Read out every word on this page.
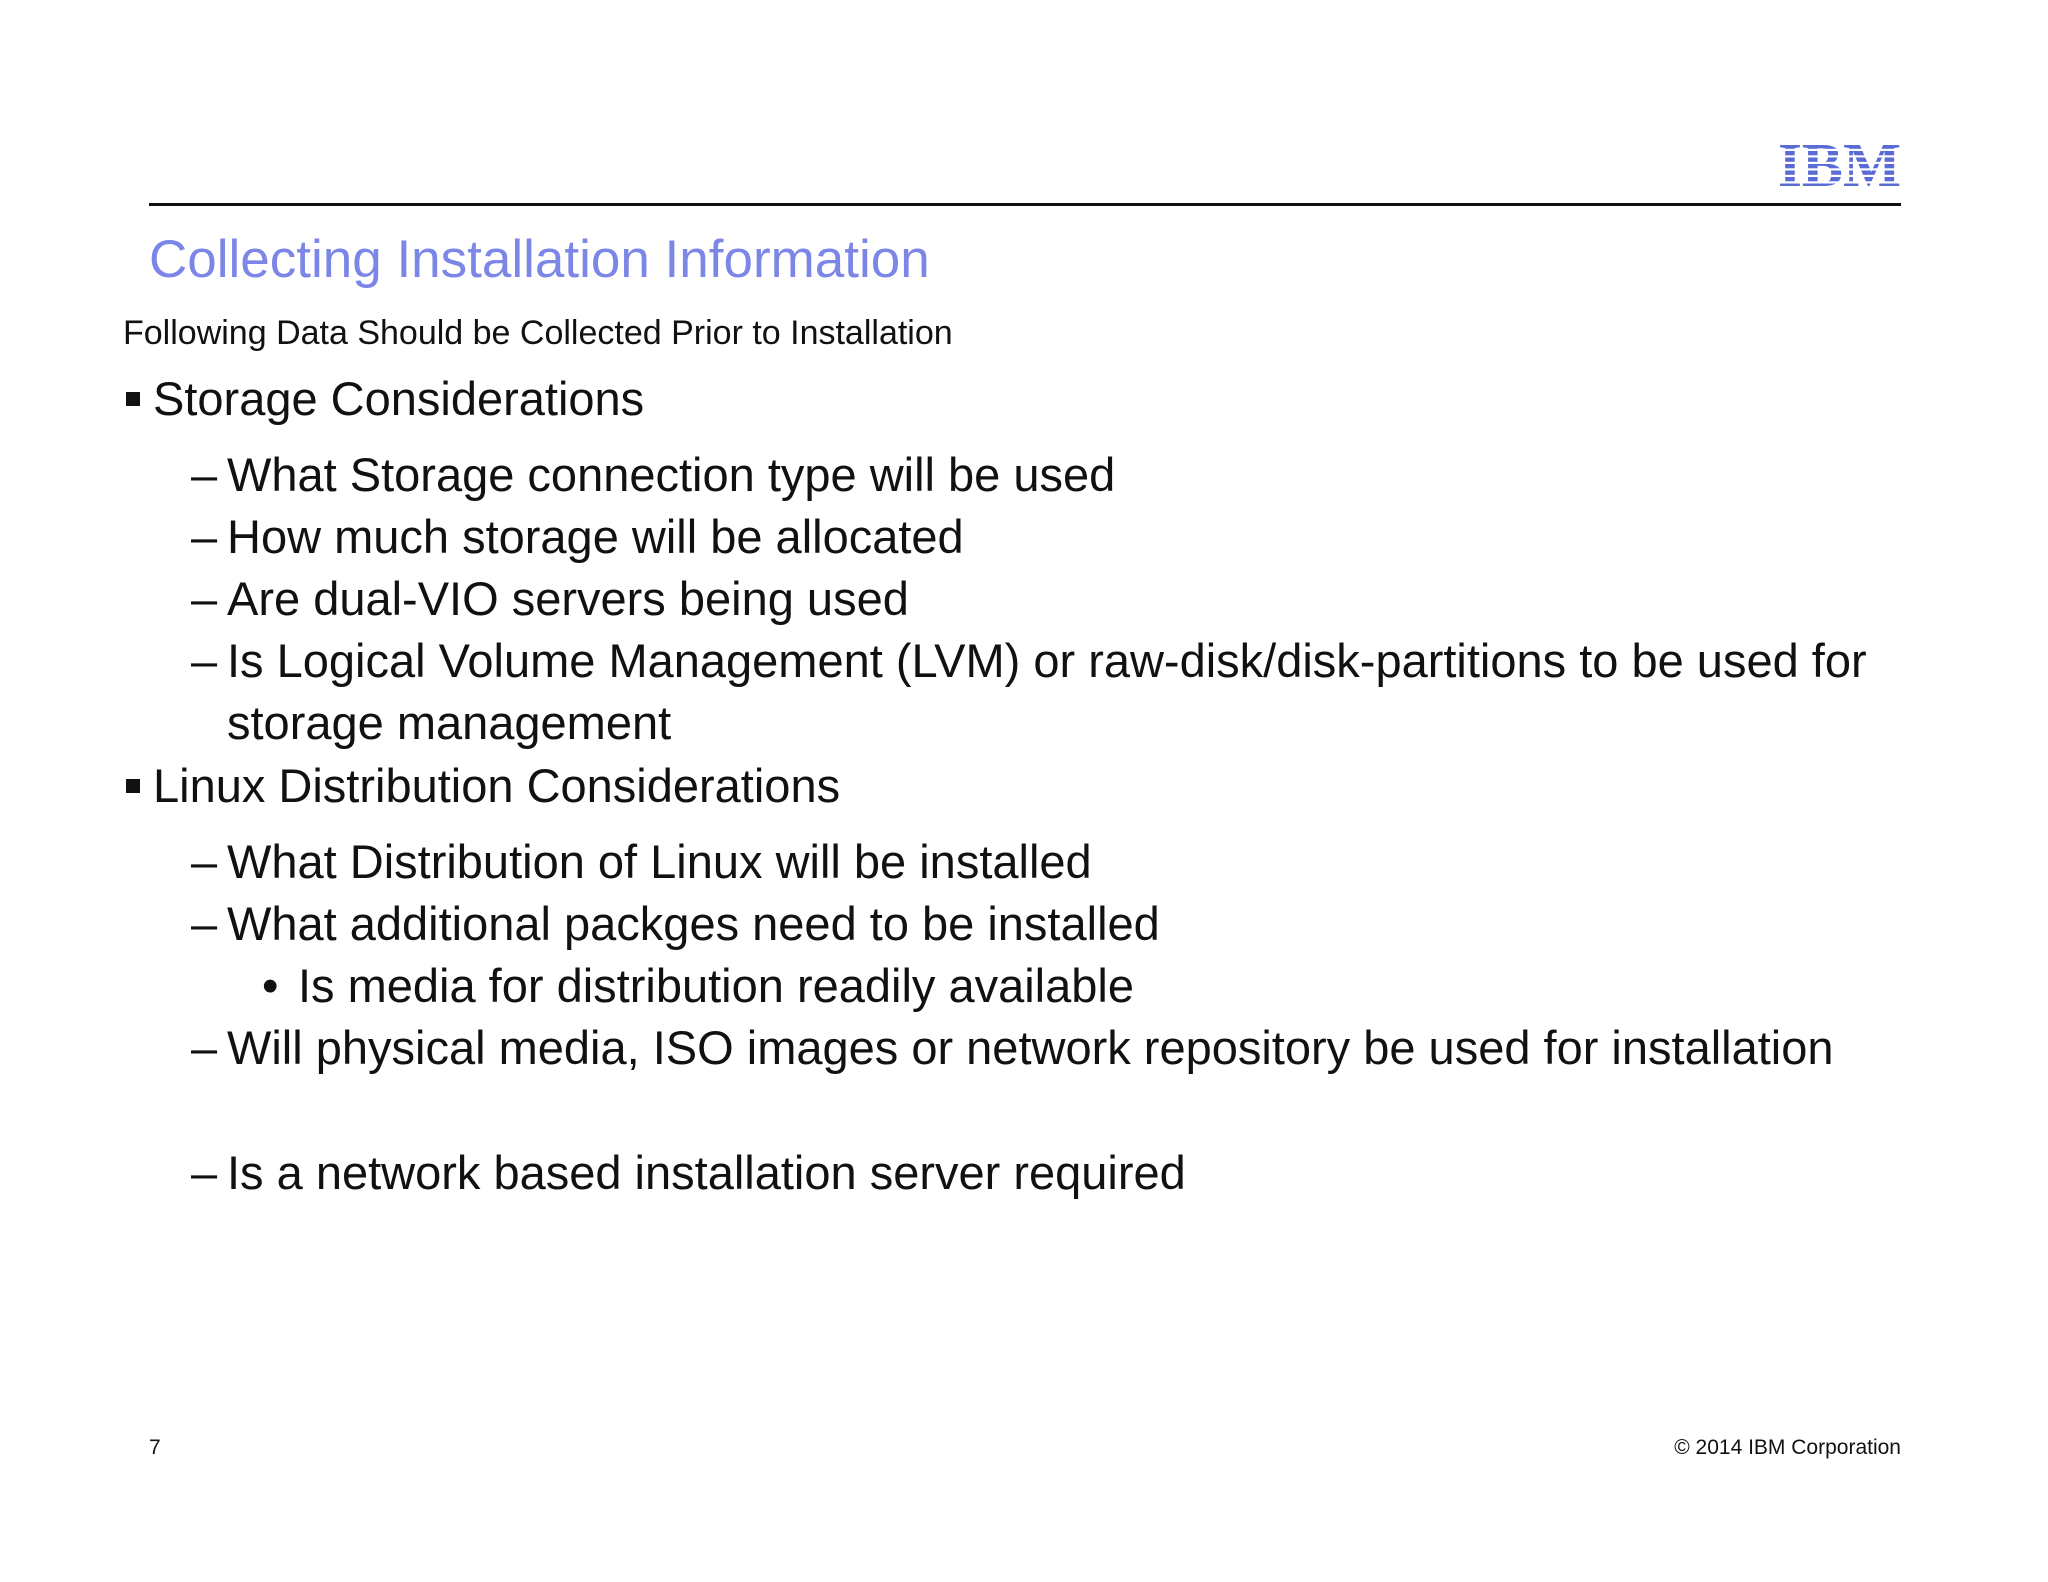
Collecting Installation Information
Following Data Should be Collected Prior to Installation
Storage Considerations
– What Storage connection type will be used
– How much storage will be allocated
– Are dual-VIO servers being used
– Is Logical Volume Management (LVM) or raw-disk/disk-partitions to be used for storage management
Linux Distribution Considerations
– What Distribution of Linux will be installed
– What additional packges need to be installed
• Is media for distribution readily available
– Will physical media, ISO images or network repository be used for installation
– Is a network based installation server required
7	© 2014 IBM Corporation
